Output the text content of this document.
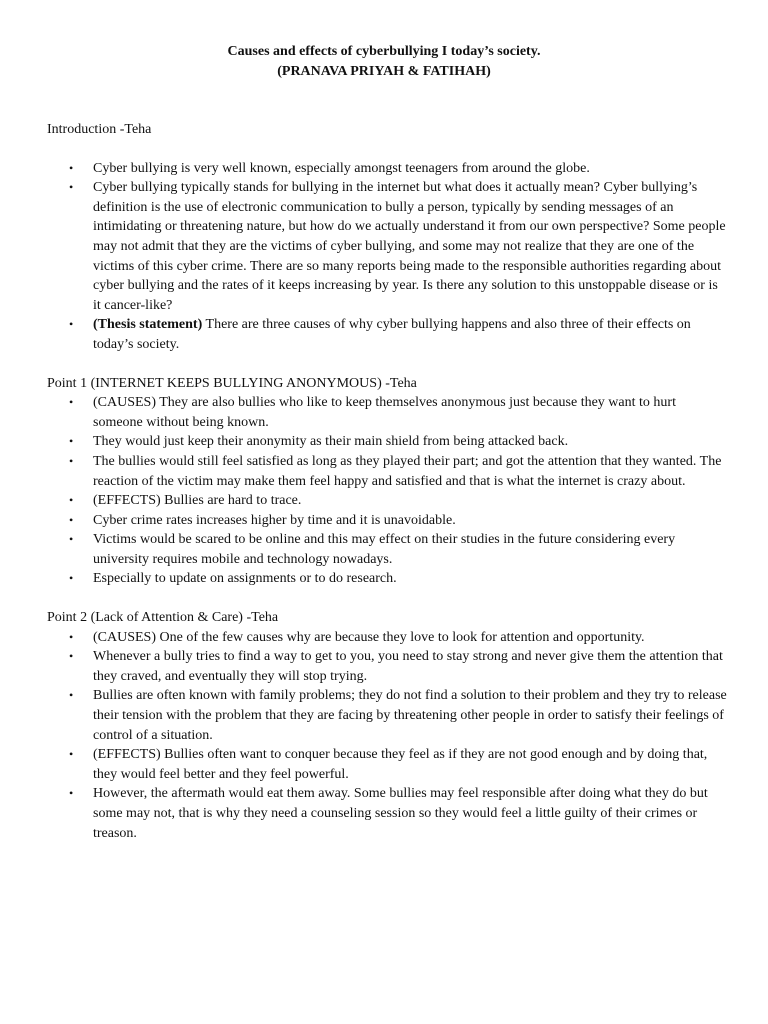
Causes and effects of cyberbullying I today’s society.
(PRANAVA PRIYAH & FATIHAH)
Introduction -Teha
• Cyber bullying is very well known, especially amongst teenagers from around the globe.
• Cyber bullying typically stands for bullying in the internet but what does it actually mean? Cyber bullying’s definition is the use of electronic communication to bully a person, typically by sending messages of an intimidating or threatening nature, but how do we actually understand it from our own perspective? Some people may not admit that they are the victims of cyber bullying, and some may not realize that they are one of the victims of this cyber crime. There are so many reports being made to the responsible authorities regarding about cyber bullying and the rates of it keeps increasing by year. Is there any solution to this unstoppable disease or is it cancer-like?
• (Thesis statement) There are three causes of why cyber bullying happens and also three of their effects on today’s society.
Point 1 (INTERNET KEEPS BULLYING ANONYMOUS) -Teha
• (CAUSES) They are also bullies who like to keep themselves anonymous just because they want to hurt someone without being known.
• They would just keep their anonymity as their main shield from being attacked back.
• The bullies would still feel satisfied as long as they played their part; and got the attention that they wanted. The reaction of the victim may make them feel happy and satisfied and that is what the internet is crazy about.
• (EFFECTS) Bullies are hard to trace.
• Cyber crime rates increases higher by time and it is unavoidable.
• Victims would be scared to be online and this may effect on their studies in the future considering every university requires mobile and technology nowadays.
• Especially to update on assignments or to do research.
Point 2 (Lack of Attention & Care) -Teha
• (CAUSES) One of the few causes why are because they love to look for attention and opportunity.
• Whenever a bully tries to find a way to get to you, you need to stay strong and never give them the attention that they craved, and eventually they will stop trying.
• Bullies are often known with family problems; they do not find a solution to their problem and they try to release their tension with the problem that they are facing by threatening other people in order to satisfy their feelings of control of a situation.
• (EFFECTS) Bullies often want to conquer because they feel as if they are not good enough and by doing that, they would feel better and they feel powerful.
• However, the aftermath would eat them away. Some bullies may feel responsible after doing what they do but some may not, that is why they need a counseling session so they would feel a little guilty of their crimes or treason.
